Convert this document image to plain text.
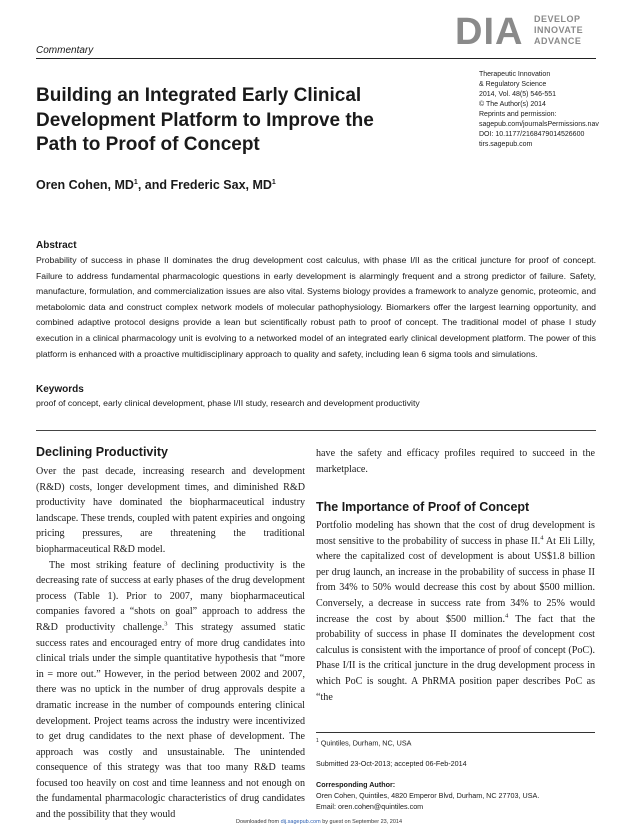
Commentary	DIA DEVELOP
INNOVATE
ADVANCE
Therapeutic Innovation
& Regulatory Science
2014, Vol. 48(5) 546-551
© The Author(s) 2014
Reprints and permission:
sagepub.com/journalsPermissions.nav
DOI: 10.1177/2168479014526600
tirs.sagepub.com
Building an Integrated Early Clinical Development Platform to Improve the Path to Proof of Concept
Oren Cohen, $MD^1$, and Frederic Sax, $MD^1$
Abstract
Probability of success in phase II dominates the drug development cost calculus, with phase I/II as the critical juncture for proof of concept. Failure to address fundamental pharmacologic questions in early development is alarmingly frequent and a strong predictor of failure. Safety, manufacture, formulation, and commercialization issues are also vital. Systems biology provides a framework to analyze genomic, proteomic, and metabolomic data and construct complex network models of molecular pathophysiology. Biomarkers offer the largest learning opportunity, and combined adaptive protocol designs provide a lean but scientifically robust path to proof of concept. The traditional model of phase I study execution in a clinical pharmacology unit is evolving to a networked model of an integrated early clinical development platform. The power of this platform is enhanced with a proactive multidisciplinary approach to quality and safety, including lean 6 sigma tools and simulations.
Keywords
proof of concept, early clinical development, phase I/II study, research and development productivity
Declining Productivity

Over the past decade, increasing research and development (R&D) costs, longer development times, and diminished R&D productivity have dominated the biopharmaceutical industry landscape. These trends, coupled with patent expiries and ongoing pricing pressures, are threatening the traditional biopharmaceutical R&D model.

The most striking feature of declining productivity is the decreasing rate of success at early phases of the drug development process (Table 1). Prior to 2007, many biopharmaceutical companies favored a “shots on goal” approach to address the R&D productivity challenge.$^3$ This strategy assumed static success rates and encouraged entry of more drug candidates into clinical trials under the simple quantitative hypothesis that “more in = more out.” However, in the period between 2002 and 2007, there was no uptick in the number of drug approvals despite a dramatic increase in the number of compounds entering clinical development. Project teams across the industry were incentivized to get drug candidates to the next phase of development. The approach was costly and unsustainable. The unintended consequence of this strategy was that too many R&D teams focused too heavily on cost and time leanness and not enough on the fundamental pharmacologic characteristics of drug candidates and the possibility that they would

have the safety and efficacy profiles required to succeed in the marketplace.

The Importance of Proof of Concept

Portfolio modeling has shown that the cost of drug development is most sensitive to the probability of success in phase II.$^4$ At Eli Lilly, where the capitalized cost of development is about US$1.8 billion per drug launch, an increase in the probability of success in phase II from 34% to 50% would decrease this cost by about $500 million. Conversely, a decrease in success rate from 34% to 25% would increase the cost by about $500 million.$^4$ The fact that the probability of success in phase II dominates the development cost calculus is consistent with the importance of proof of concept (PoC). Phase I/II is the critical juncture in the drug development process in which PoC is sought. A PhRMA position paper describes PoC as “the

$^1$ Quintiles, Durham, NC, USA
Submitted 23-Oct-2013; accepted 06-Feb-2014
Corresponding Author:
Oren Cohen, Quintiles, 4820 Emperor Blvd, Durham, NC 27703, USA.
Email: oren.cohen@quintiles.com
Downloaded from dij.sagepub.com by guest on September 23, 2014
